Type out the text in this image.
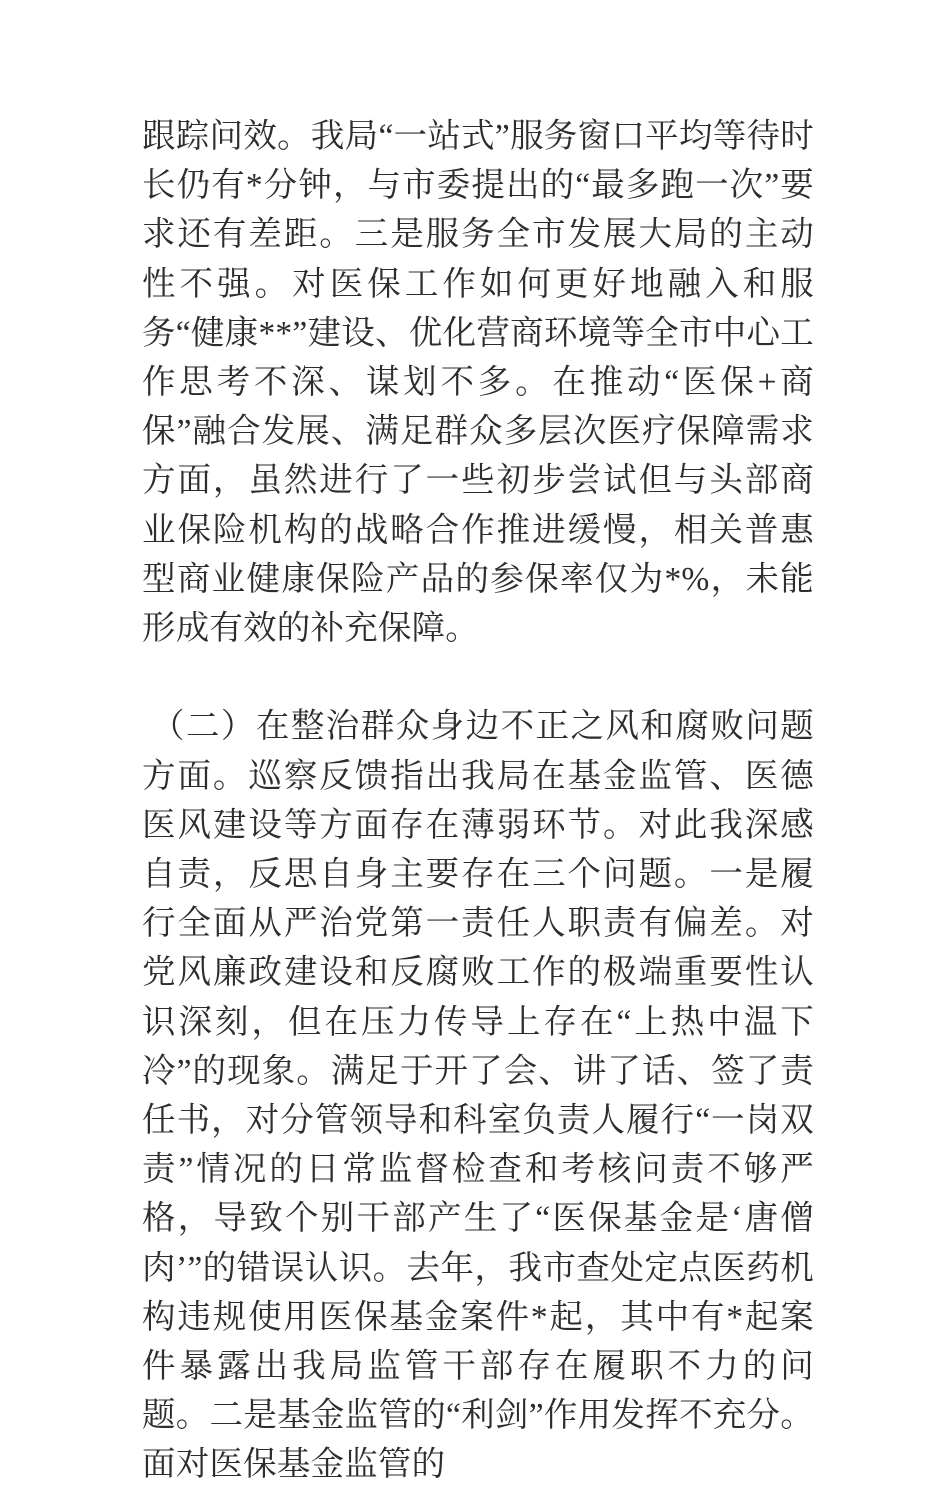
跟踪问效。我局“一站式”服务窗口平均等待时长仍有*分钟，与市委提出的“最多跑一次”要求还有差距。三是服务全市发展大局的主动性不强。对医保工作如何更好地融入和服务“健康**”建设、优化营商环境等全市中心工作思考不深、谋划不多。在推动“医保+商保”融合发展、满足群众多层次医疗保障需求方面，虽然进行了一些初步尝试但与头部商业保险机构的战略合作推进缓慢，相关普惠型商业健康保险产品的参保率仅为*%，未能形成有效的补充保障。

（二）在整治群众身边不正之风和腐败问题方面。巡察反馈指出我局在基金监管、医德医风建设等方面存在薄弱环节。对此我深感自责，反思自身主要存在三个问题。一是履行全面从严治党第一责任人职责有偏差。对党风廉政建设和反腐败工作的极端重要性认识深刻，但在压力传导上存在“上热中温下冷”的现象。满足于开了会、讲了话、签了责任书，对分管领导和科室负责人履行“一岗双责”情况的日常监督检查和考核问责不够严格，导致个别干部产生了“医保基金是‘唐僧肉’”的错误认识。去年，我市查处定点医药机构违规使用医保基金案件*起，其中有*起案件暴露出我局监管干部存在履职不力的问题。二是基金监管的“利剑”作用发挥不充分。面对医保基金监管的
